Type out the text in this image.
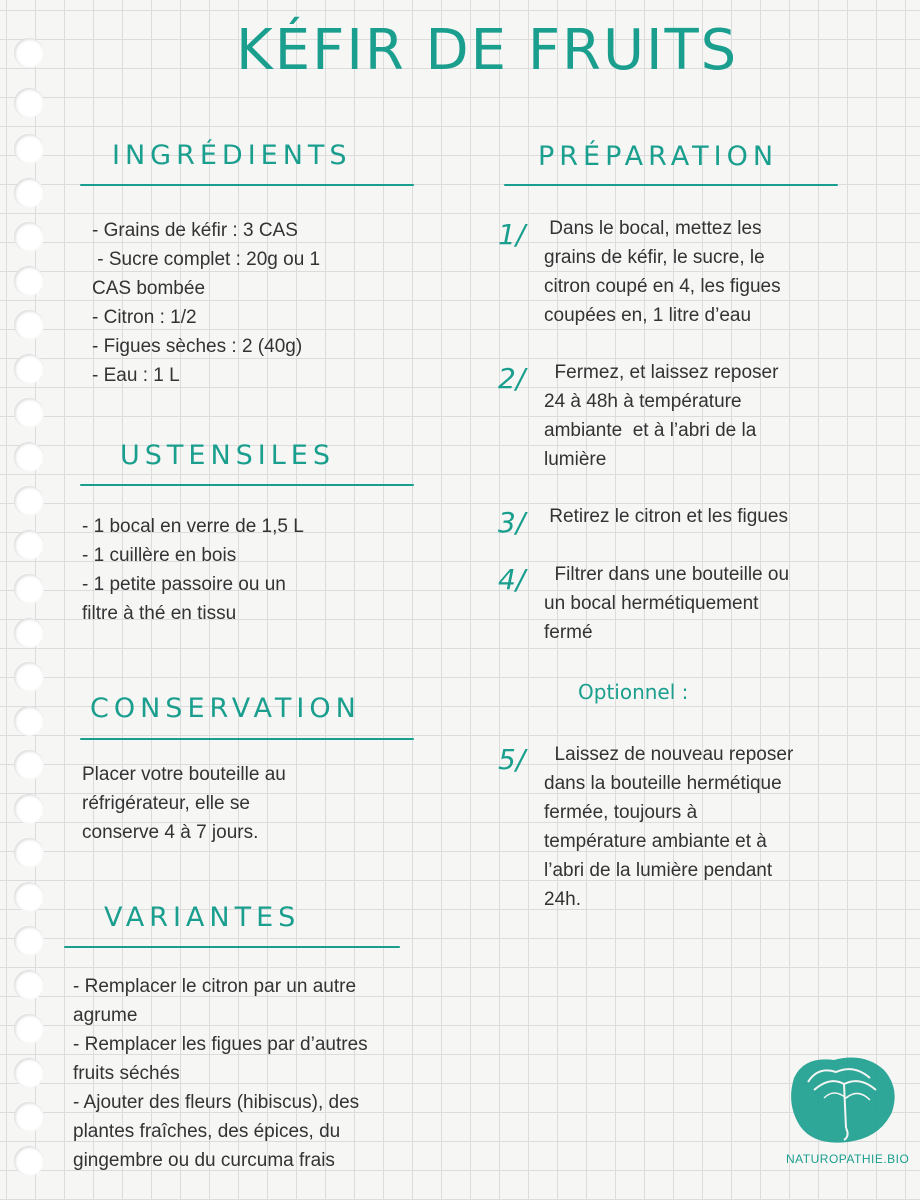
KÉFIR DE FRUITS
INGRÉDIENTS
- Grains de kéfir : 3 CAS
- Sucre complet : 20g ou 1
CAS bombée
- Citron : 1/2
- Figues sèches : 2 (40g)
- Eau : 1 L
USTENSILES
- 1 bocal en verre de 1,5 L
- 1 cuillère en bois
- 1 petite passoire ou un
filtre à thé en tissu
CONSERVATION
Placer votre bouteille au
réfrigérateur, elle se
conserve 4 à 7 jours.
VARIANTES
- Remplacer le citron par un autre
agrume
- Remplacer les figues par d’autres
fruits séchés
- Ajouter des fleurs (hibiscus), des
plantes fraîches, des épices, du
gingembre ou du curcuma frais
PRÉPARATION
1/ Dans le bocal, mettez les
grains de kéfir, le sucre, le
citron coupé en 4, les figues
coupées en, 1 litre d’eau
2/ Fermez, et laissez reposer
24 à 48h à température
ambiante  et à l’abri de la
lumière
3/ Retirez le citron et les figues
4/ Filtrer dans une bouteille ou
un bocal hermétiquement
fermé
Optionnel :
5/ Laissez de nouveau reposer
dans la bouteille hermétique
fermée, toujours à
température ambiante et à
l’abri de la lumière pendant
24h.
NATUROPATHIE.BIO
